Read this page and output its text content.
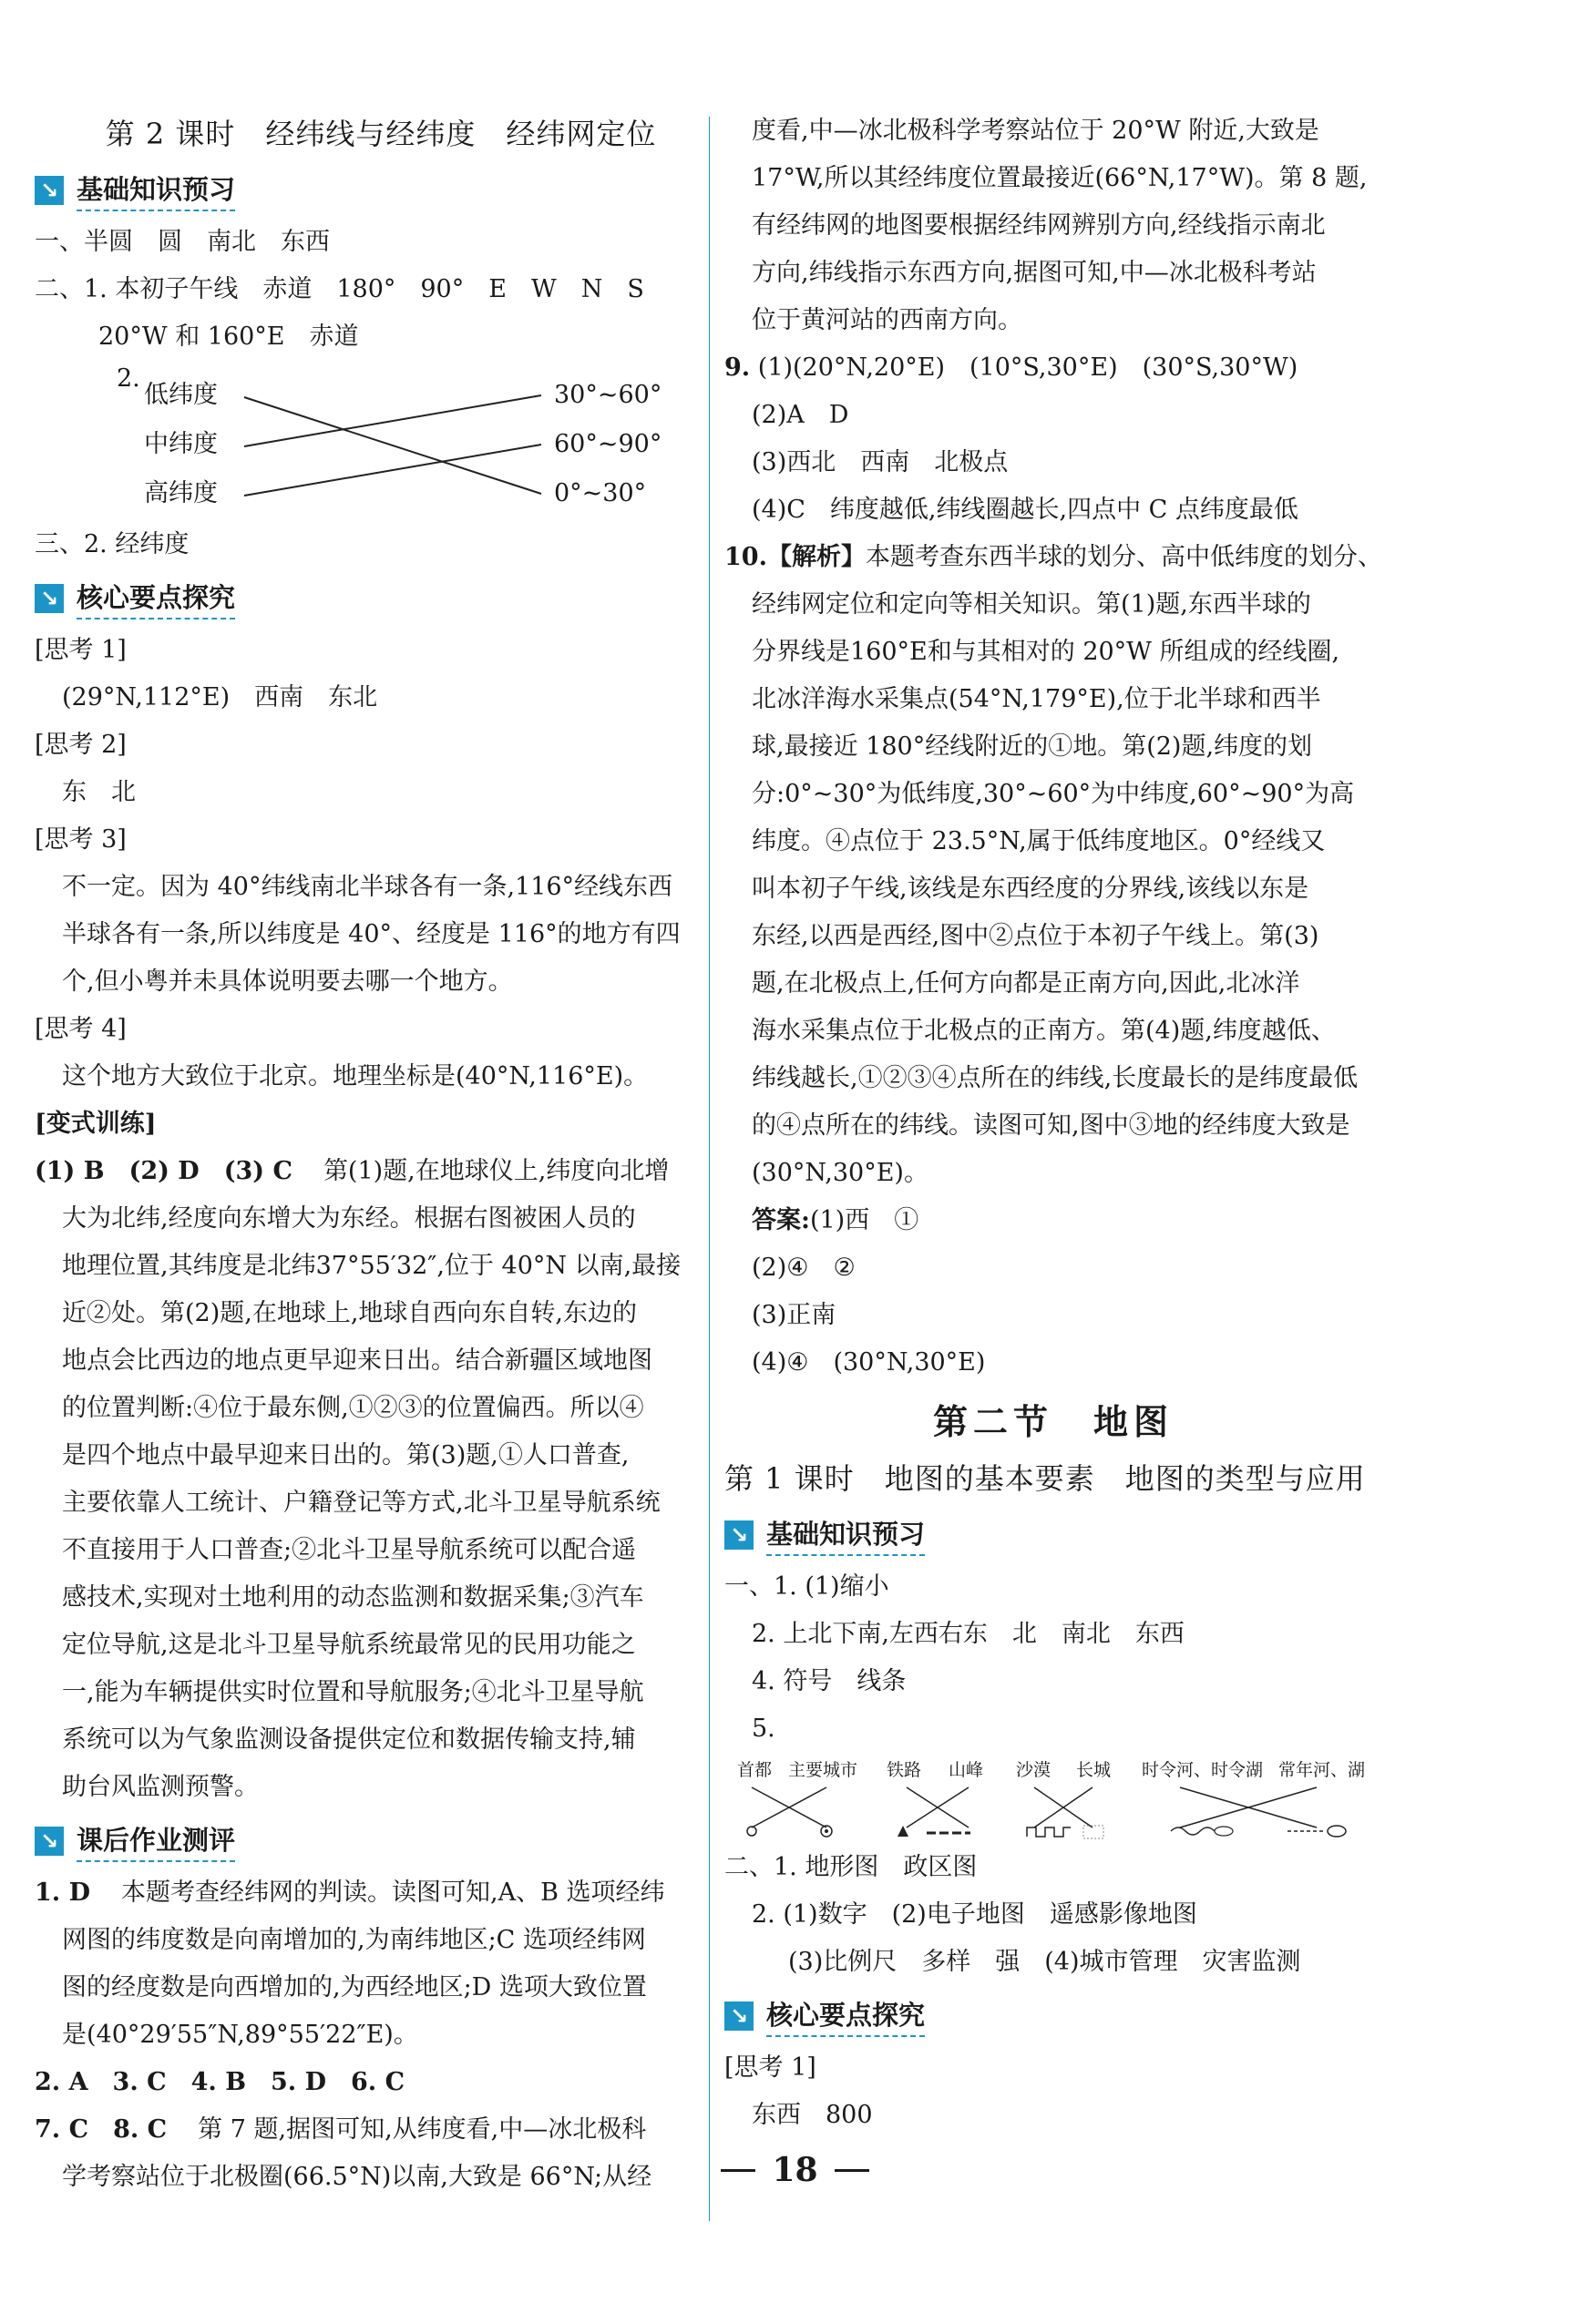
第 2 课时　经纬线与经纬度　经纬网定位
↘ 基础知识预习
一、半圆　圆　南北　东西
二、1. 本初子午线　赤道　180°　90°　E　W　N　S
20°W 和 160°E　赤道
2.
低纬度
中纬度
高纬度
30°~60°
60°~90°
0°~30°
三、2. 经纬度
↘ 核心要点探究
[思考 1]
(29°N,112°E)　西南　东北
[思考 2]
东　北
[思考 3]
不一定。因为 40°纬线南北半球各有一条,116°经线东西
半球各有一条,所以纬度是 40°、经度是 116°的地方有四
个,但小粤并未具体说明要去哪一个地方。
[思考 4]
这个地方大致位于北京。地理坐标是(40°N,116°E)。
[变式训练]
(1) B　(2) D　(3) C 第(1)题,在地球仪上,纬度向北增
大为北纬,经度向东增大为东经。根据右图被困人员的
地理位置,其纬度是北纬37°55′32″,位于 40°N 以南,最接
近②处。第(2)题,在地球上,地球自西向东自转,东边的
地点会比西边的地点更早迎来日出。结合新疆区域地图
的位置判断:④位于最东侧,①②③的位置偏西。所以④
是四个地点中最早迎来日出的。第(3)题,①人口普查,
主要依靠人工统计、户籍登记等方式,北斗卫星导航系统
不直接用于人口普查;②北斗卫星导航系统可以配合遥
感技术,实现对土地利用的动态监测和数据采集;③汽车
定位导航,这是北斗卫星导航系统最常见的民用功能之
一,能为车辆提供实时位置和导航服务;④北斗卫星导航
系统可以为气象监测设备提供定位和数据传输支持,辅
助台风监测预警。
↘ 课后作业测评
1. D 本题考查经纬网的判读。读图可知,A、B 选项经纬
网图的纬度数是向南增加的,为南纬地区;C 选项经纬网
图的经度数是向西增加的,为西经地区;D 选项大致位置
是(40°29′55″N,89°55′22″E)。
2. A　3. C　4. B　5. D　6. C
7. C　8. C 第 7 题,据图可知,从纬度看,中—冰北极科
学考察站位于北极圈(66.5°N)以南,大致是 66°N;从经
度看,中—冰北极科学考察站位于 20°W 附近,大致是
17°W,所以其经纬度位置最接近(66°N,17°W)。第 8 题,
有经纬网的地图要根据经纬网辨别方向,经线指示南北
方向,纬线指示东西方向,据图可知,中—冰北极科考站
位于黄河站的西南方向。
9. (1)(20°N,20°E)　(10°S,30°E)　(30°S,30°W)
(2)A　D
(3)西北　西南　北极点
(4)C　纬度越低,纬线圈越长,四点中 C 点纬度最低
10.【解析】本题考查东西半球的划分、高中低纬度的划分、
经纬网定位和定向等相关知识。第(1)题,东西半球的
分界线是160°E和与其相对的 20°W 所组成的经线圈,
北冰洋海水采集点(54°N,179°E),位于北半球和西半
球,最接近 180°经线附近的①地。第(2)题,纬度的划
分:0°~30°为低纬度,30°~60°为中纬度,60°~90°为高
纬度。④点位于 23.5°N,属于低纬度地区。0°经线又
叫本初子午线,该线是东西经度的分界线,该线以东是
东经,以西是西经,图中②点位于本初子午线上。第(3)
题,在北极点上,任何方向都是正南方向,因此,北冰洋
海水采集点位于北极点的正南方。第(4)题,纬度越低、
纬线越长,①②③④点所在的纬线,长度最长的是纬度最低
的④点所在的纬线。读图可知,图中③地的经纬度大致是
(30°N,30°E)。
答案:(1)西　①
(2)④　②
(3)正南
(4)④　(30°N,30°E)
第二节　地图
第 1 课时　地图的基本要素　地图的类型与应用
↘ 基础知识预习
一、1. (1)缩小
2. 上北下南,左西右东　北　南北　东西
4. 符号　线条
5.
首都 主要城市 铁路 山峰 沙漠 长城 时令河、时令湖 常年河、湖
二、1. 地形图　政区图
2. (1)数字　(2)电子地图　遥感影像地图
(3)比例尺　多样　强　(4)城市管理　灾害监测
↘ 核心要点探究
[思考 1]
东西　800
18
